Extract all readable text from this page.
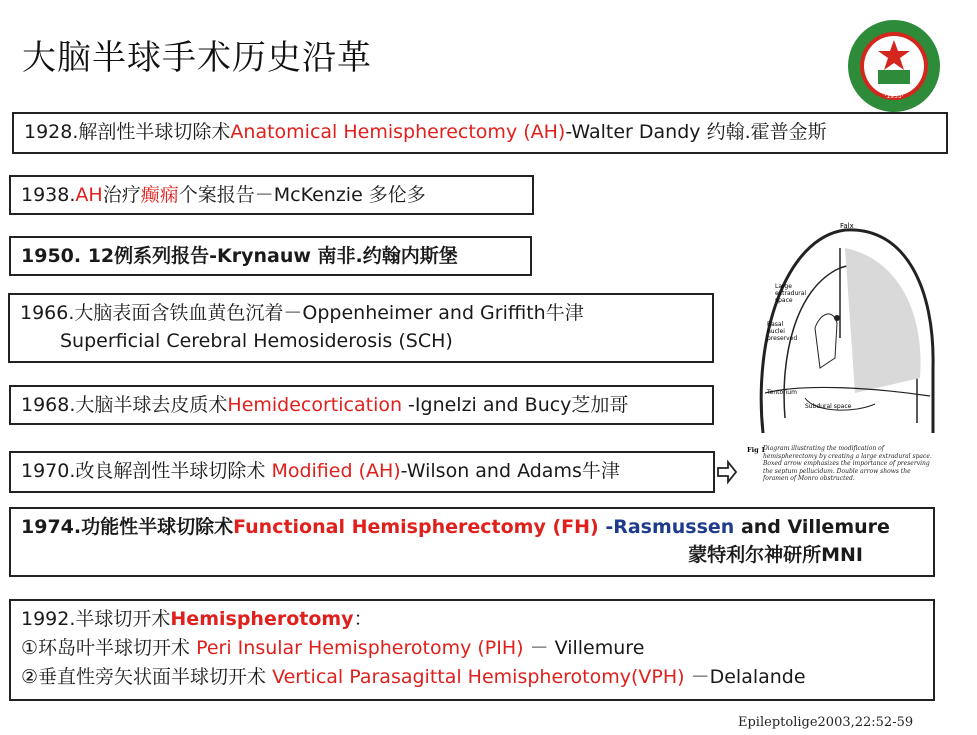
大脑半球手术历史沿革
·1933·
1928.解剖性半球切除术Anatomical Hemispherectomy (AH)-Walter Dandy 约翰.霍普金斯
1938.AH治疗癫痫个案报告－McKenzie 多伦多
1950. 12例系列报告-Krynauw 南非.约翰内斯堡
1966.大脑表面含铁血黄色沉着－Oppenheimer and Griffith牛津
Superficial Cerebral Hemosiderosis (SCH)
1968.大脑半球去皮质术Hemidecortication -Ignelzi and Bucy芝加哥
1970.改良解剖性半球切除术 Modified (AH)-Wilson and Adams牛津
1974.功能性半球切除术Functional Hemispherectomy (FH) -Rasmussen and Villemure
蒙特利尔神研所MNI
1992.半球切开术Hemispherotomy：
①环岛叶半球切开术 Peri Insular Hemispherotomy (PIH) － Villemure
②垂直性旁矢状面半球切开术 Vertical Parasagittal Hemispherotomy(VPH) －Delalande
Falx
Large
extradural
space
Basal
nuclei
preserved
Tentorium
Subdural space
Fig 1
Diagram illustrating the modification of hemispherectomy by creating a large extradural space. Boxed arrow emphasizes the importance of preserving the septum pellucidum. Double arrow shows the foramen of Monro obstructed.
Epileptolige2003,22:52-59
